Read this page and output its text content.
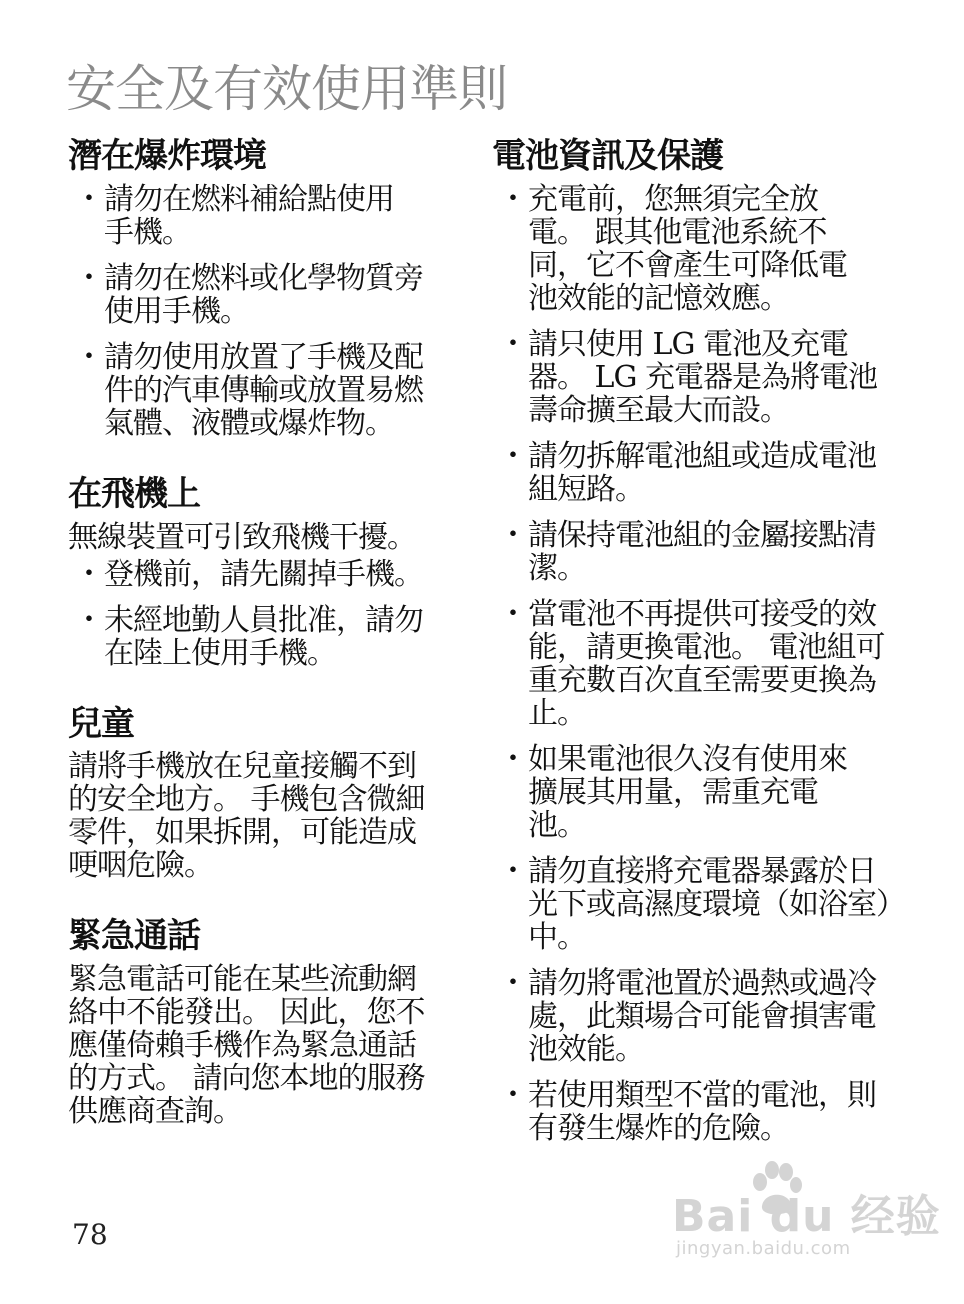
安全及有效使用準則
潛在爆炸環境
・ 請勿在燃料補給點使用手機。
・ 請勿在燃料或化學物質旁使用手機。
・ 請勿使用放置了手機及配件的汽車傳輸或放置易燃氣體、液體或爆炸物。
在飛機上

無線裝置可引致飛機干擾。

・ 登機前，請先關掉手機。
・ 未經地勤人員批准，請勿在陸上使用手機。
兒童

請將手機放在兒童接觸不到的安全地方。 手機包含微細零件，如果拆開，可能造成哽咽危險。

緊急通話

緊急電話可能在某些流動網絡中不能發出。 因此，您不應僅倚賴手機作為緊急通話的方式。 請向您本地的服務供應商查詢。

電池資訊及保護
・ 充電前，您無須完全放電。 跟其他電池系統不同，它不會產生可降低電池效能的記憶效應。
・ 請只使用 LG 電池及充電器。 LG 充電器是為將電池壽命擴至最大而設。
・ 請勿拆解電池組或造成電池組短路。
・ 請保持電池組的金屬接點清潔。
・ 當電池不再提供可接受的效能，請更換電池。 電池組可重充數百次直至需要更換為止。
・ 如果電池很久沒有使用來擴展其用量，需重充電池。
・ 請勿直接將充電器暴露於日光下或高濕度環境（如浴室）中。
・ 請勿將電池置於過熱或過冷處，此類場合可能會損害電池效能。
・ 若使用類型不當的電池，則有發生爆炸的危險。
78	Bai du 经验
jingyan.baidu.com
